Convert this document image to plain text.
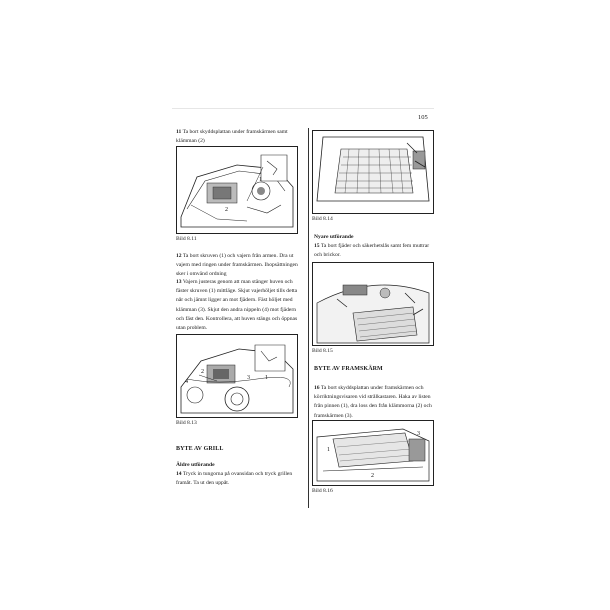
105
11 Ta bort skyddsplattan under framskärmen samt klämman (2)
1
2
Bild 8.11
12 Ta bort skruven (1) och vajern från armen. Dra ut vajern med ringen under framskärmen. Ihopsättningen sker i omvänd ordning
13 Vajern justeras genom att man stänger huven och fäster skruven (1) mittläge. Skjut vajerhöljet tills detta når och jämnt ligger an mot fjädern. Fäst höljet med klämman (3). Skjut den andra nippeln (4) mot fjädern och fäst den. Kontrollera, att huven stängs och öppnas utan problem.
1
2
3
4
Bild 8.13
BYTE AV GRILL
Äldre utförande
14 Tryck in tungorna på ovansidan och tryck grillen framåt. Ta ut den uppåt.
Bild 8.14
Nyare utförande
15 Ta bort fjäder och säkerhetslås samt fem muttrar och brickor.
Bild 8.15
BYTE AV FRAMSKÄRM
16 Ta bort skyddsplattan under framskärmen och körriktningsvisaren vid strålkastaren. Haka av listen från pinnen (1), dra loss den från klämmorna (2) och framskärmen (3).
1
2
3
Bild 8.16
